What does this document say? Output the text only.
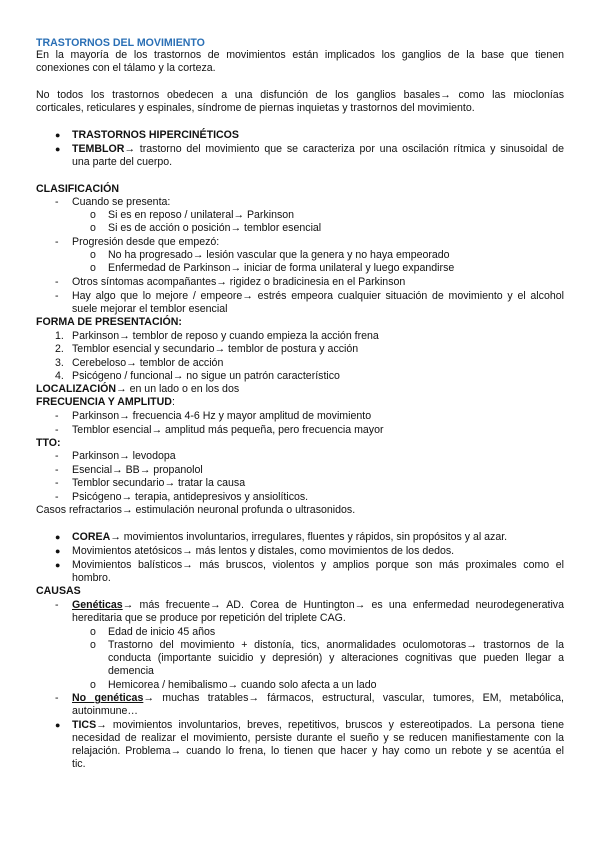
TRASTORNOS DEL MOVIMIENTO
En la mayoría de los trastornos de movimientos están implicados los ganglios de la base que tienen
conexiones con el tálamo y la corteza.
No todos los trastornos obedecen a una disfunción de los ganglios basales→ como las mioclonías
corticales, reticulares y espinales, síndrome de piernas inquietas y trastornos del movimiento.
● TRASTORNOS HIPERCINÉTICOS
● TEMBLOR→ trastorno del movimiento que se caracteriza por una oscilación rítmica y sinusoidal de
una parte del cuerpo.
CLASIFICACIÓN
- Cuando se presenta:
o Si es en reposo / unilateral→ Parkinson
o Si es de acción o posición→ temblor esencial
- Progresión desde que empezó:
o No ha progresado→ lesión vascular que la genera y no haya empeorado
o Enfermedad de Parkinson→ iniciar de forma unilateral y luego expandirse
- Otros síntomas acompañantes→ rigidez o bradicinesia en el Parkinson
- Hay algo que lo mejore / empeore→ estrés empeora cualquier situación de movimiento y el alcohol
suele mejorar el temblor esencial
FORMA DE PRESENTACIÓN:
1. Parkinson→ temblor de reposo y cuando empieza la acción frena
2. Temblor esencial y secundario→ temblor de postura y acción
3. Cerebeloso→ temblor de acción
4. Psicógeno / funcional→ no sigue un patrón característico
LOCALIZACIÓN→ en un lado o en los dos
FRECUENCIA Y AMPLITUD:
- Parkinson→ frecuencia 4-6 Hz y mayor amplitud de movimiento
- Temblor esencial→ amplitud más pequeña, pero frecuencia mayor
TTO:
- Parkinson→ levodopa
- Esencial→ BB→ propanolol
- Temblor secundario→ tratar la causa
- Psicógeno→ terapia, antidepresivos y ansiolíticos.
Casos refractarios→ estimulación neuronal profunda o ultrasonidos.
● COREA→ movimientos involuntarios, irregulares, fluentes y rápidos, sin propósitos y al azar.
● Movimientos atetósicos→ más lentos y distales, como movimientos de los dedos.
● Movimientos balísticos→ más bruscos, violentos y amplios porque son más proximales como el
hombro.
CAUSAS
- Genéticas→ más frecuente→ AD. Corea de Huntington→ es una enfermedad neurodegenerativa
hereditaria que se produce por repetición del triplete CAG.
o Edad de inicio 45 años
o Trastorno del movimiento + distonía, tics, anormalidades oculomotoras→ trastornos de la
conducta (importante suicidio y depresión) y alteraciones cognitivas que pueden llegar a
demencia
o Hemicorea / hemibalismo→ cuando solo afecta a un lado
- No genéticas→ muchas tratables→ fármacos, estructural, vascular, tumores, EM, metabólica,
autoinmune…
● TICS→ movimientos involuntarios, breves, repetitivos, bruscos y estereotipados. La persona tiene
necesidad de realizar el movimiento, persiste durante el sueño y se reducen manifiestamente con la
relajación. Problema→ cuando lo frena, lo tienen que hacer y hay como un rebote y se acentúa el
tic.
